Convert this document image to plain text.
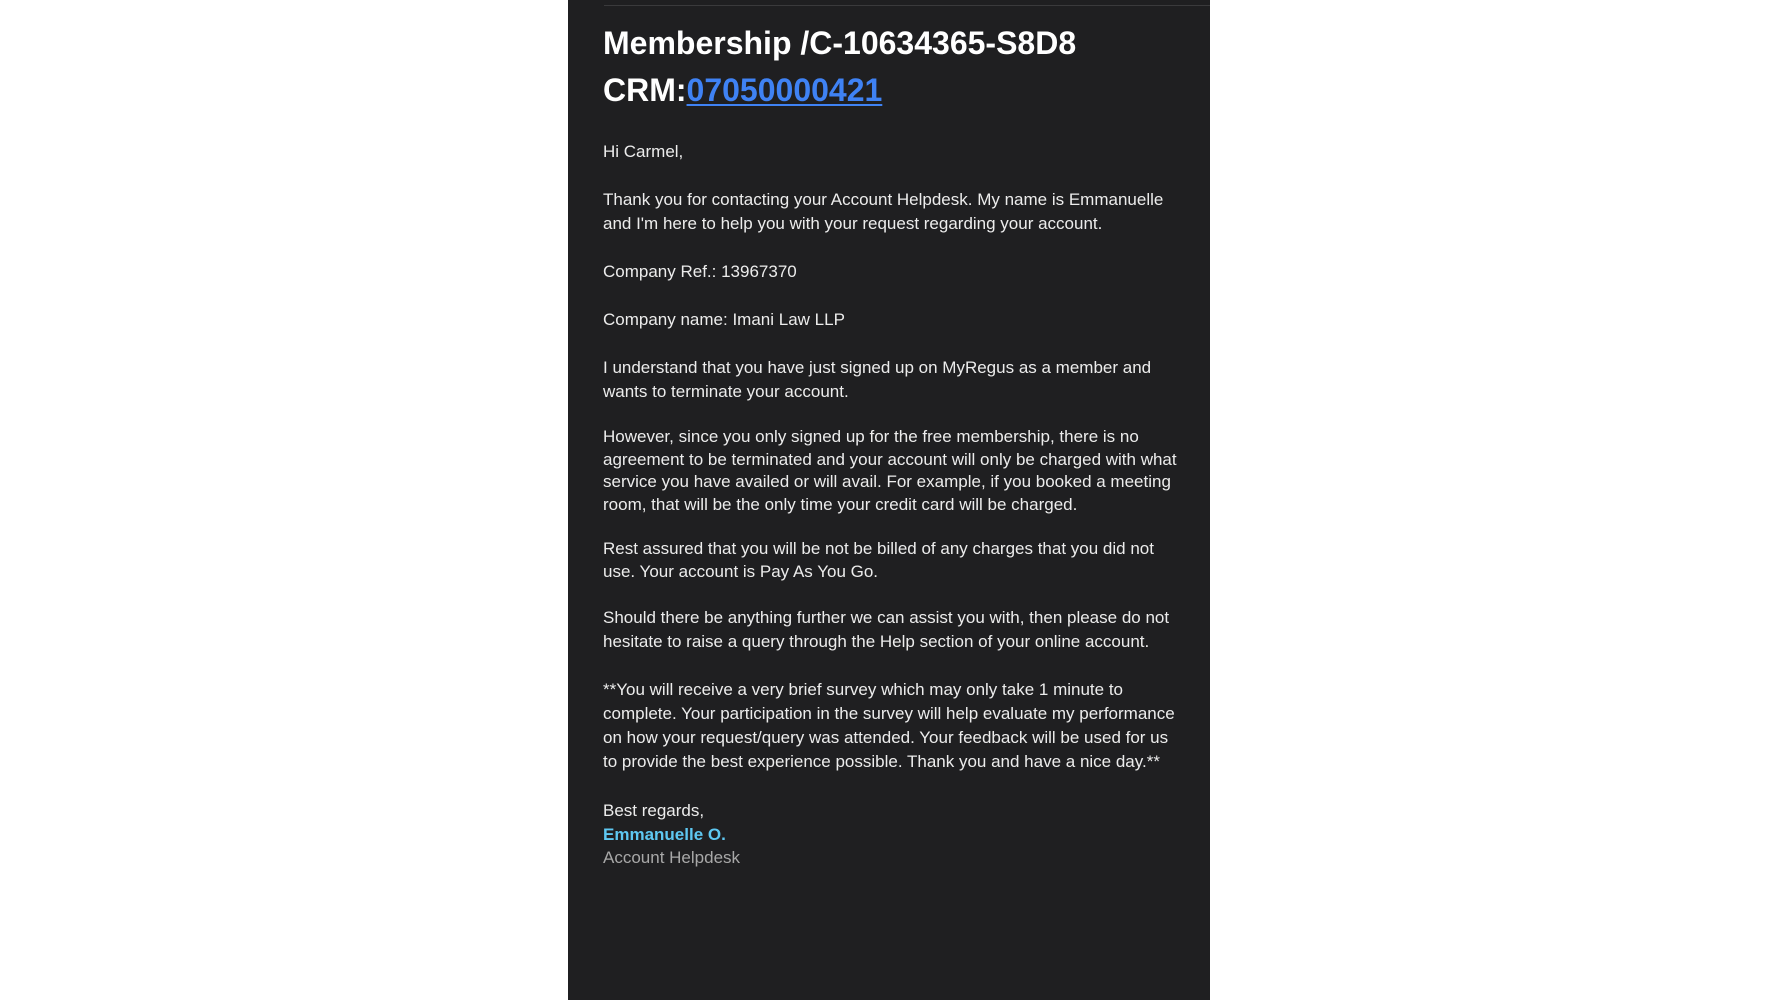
Membership /C-10634365-S8D8
CRM:07050000421

Hi Carmel,

Thank you for contacting your Account Helpdesk. My name is Emmanuelle and I'm here to help you with your request regarding your account.

Company Ref.: 13967370

Company name: Imani Law LLP

I understand that you have just signed up on MyRegus as a member and wants to terminate your account.

However, since you only signed up for the free membership, there is no agreement to be terminated and your account will only be charged with what service you have availed or will avail. For example, if you booked a meeting room, that will be the only time your credit card will be charged.

Rest assured that you will be not be billed of any charges that you did not use. Your account is Pay As You Go.

Should there be anything further we can assist you with, then please do not hesitate to raise a query through the Help section of your online account.

**You will receive a very brief survey which may only take 1 minute to complete. Your participation in the survey will help evaluate my performance on how your request/query was attended. Your feedback will be used for us to provide the best experience possible. Thank you and have a nice day.**

Best regards,
Emmanuelle O.
Account Helpdesk
